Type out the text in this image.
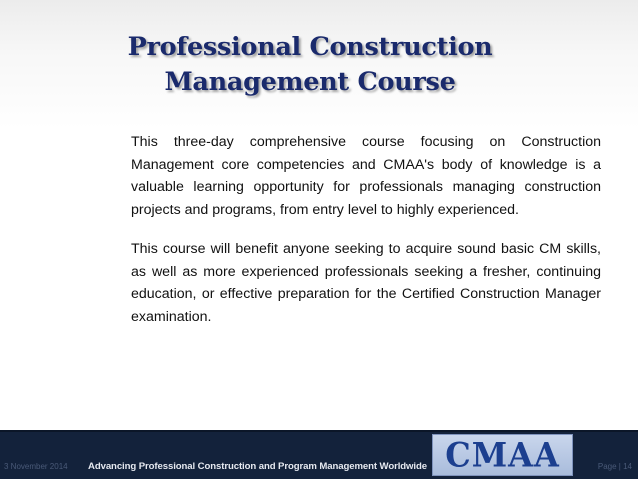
Professional Construction
Management Course
This three-day comprehensive course focusing on Construction Management core competencies and CMAA's body of knowledge is a valuable learning opportunity for professionals managing construction projects and programs, from entry level to highly experienced.
This course will benefit anyone seeking to acquire sound basic CM skills, as well as more experienced professionals seeking a fresher, continuing education, or effective preparation for the Certified Construction Manager examination.
3 November 2014 Advancing Professional Construction and Program Management Worldwide CMAA	Page | 14
